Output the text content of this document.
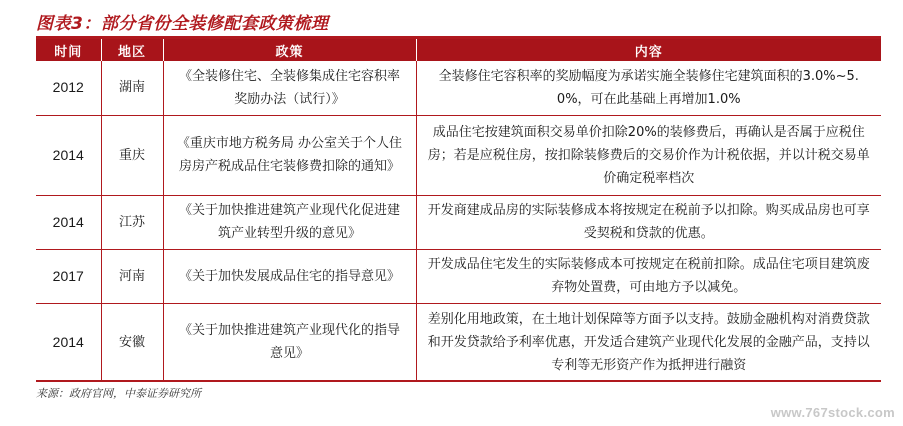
图表3：部分省份全装修配套政策梳理
时间	地区	政策	内容
2012	湖南	《全装修住宅、全装修集成住宅容积率奖励办法（试行）》	全装修住宅容积率的奖励幅度为承诺实施全装修住宅建筑面积的3.0%~5.0%，可在此基础上再增加1.0%
2014	重庆	《重庆市地方税务局 办公室关于个人住房房产税成品住宅装修费扣除的通知》	成品住宅按建筑面积交易单价扣除20%的装修费后，再确认是否属于应税住房；若是应税住房，按扣除装修费后的交易价作为计税依据，并以计税交易单价确定税率档次
2014	江苏	《关于加快推进建筑产业现代化促进建筑产业转型升级的意见》	开发商建成品房的实际装修成本将按规定在税前予以扣除。购买成品房也可享受契税和贷款的优惠。
2017	河南	《关于加快发展成品住宅的指导意见》	开发成品住宅发生的实际装修成本可按规定在税前扣除。成品住宅项目建筑废弃物处置费，可由地方予以减免。
2014	安徽	《关于加快推进建筑产业现代化的指导意见》	差别化用地政策，在土地计划保障等方面予以支持。鼓励金融机构对消费贷款和开发贷款给予利率优惠，开发适合建筑产业现代化发展的金融产品，支持以专利等无形资产作为抵押进行融资
来源：政府官网，中泰证券研究所
www.767stock.com
